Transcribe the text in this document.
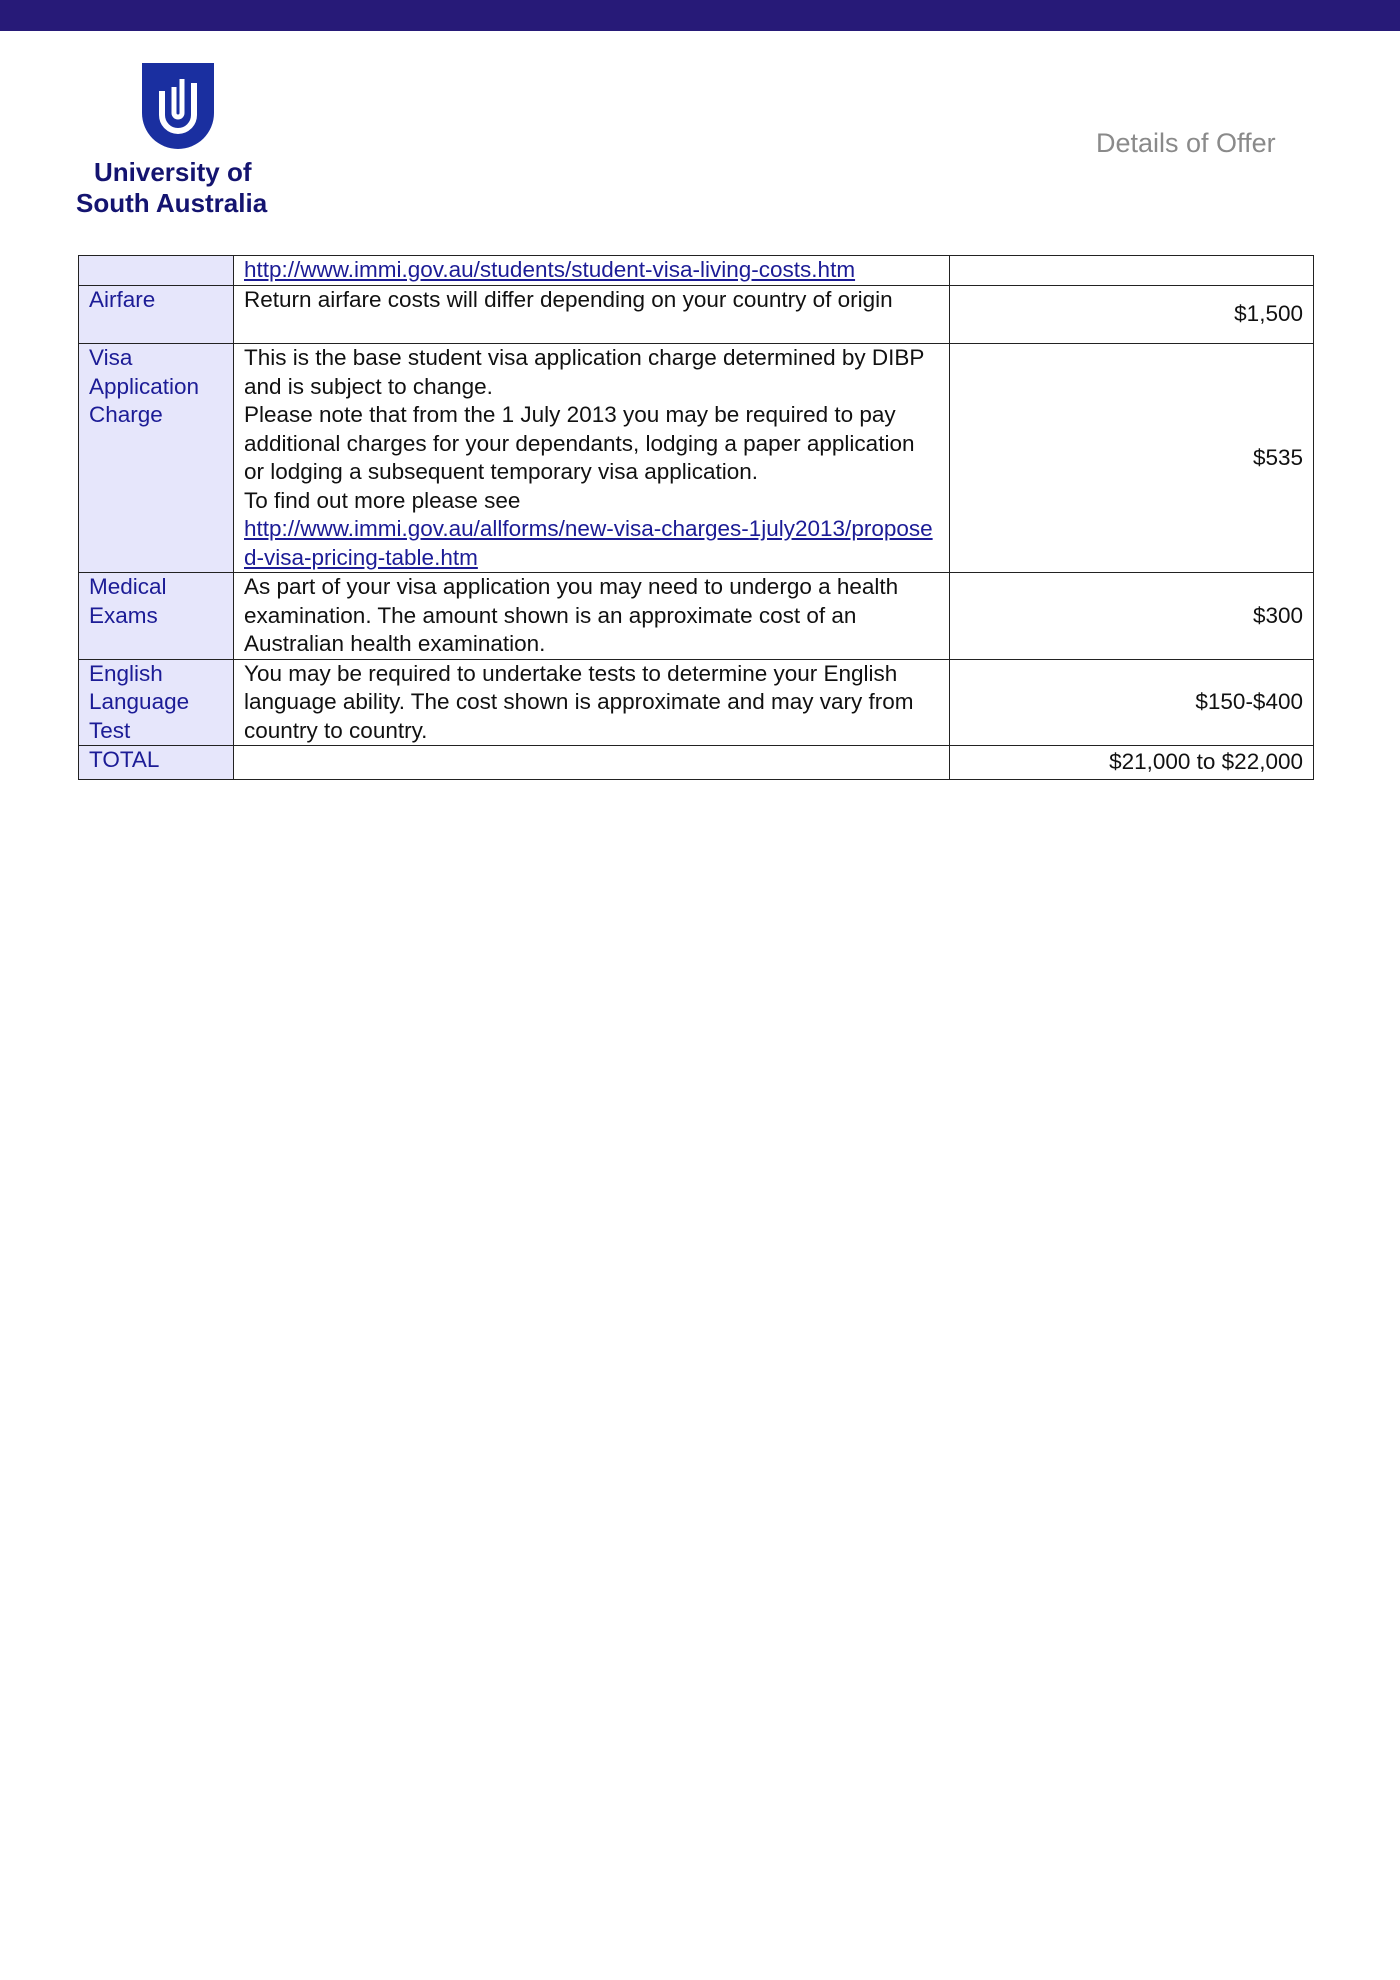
University of
South Australia
Details of Offer
	http://www.immi.gov.au/students/student-visa-living-costs.htm	
Airfare	Return airfare costs will differ depending on your country of origin	$1,500
Visa Application Charge	This is the base student visa application charge determined by DIBP and is subject to change.
Please note that from the 1 July 2013 you may be required to pay additional charges for your dependants, lodging a paper application or lodging a subsequent temporary visa application.
To find out more please see
http://www.immi.gov.au/allforms/new-visa-charges-1july2013/proposed-visa-pricing-table.htm	$535
Medical Exams	As part of your visa application you may need to undergo a health examination. The amount shown is an approximate cost of an Australian health examination.	$300
English Language Test	You may be required to undertake tests to determine your English language ability. The cost shown is approximate and may vary from country to country.	$150-$400
TOTAL		$21,000 to $22,000
